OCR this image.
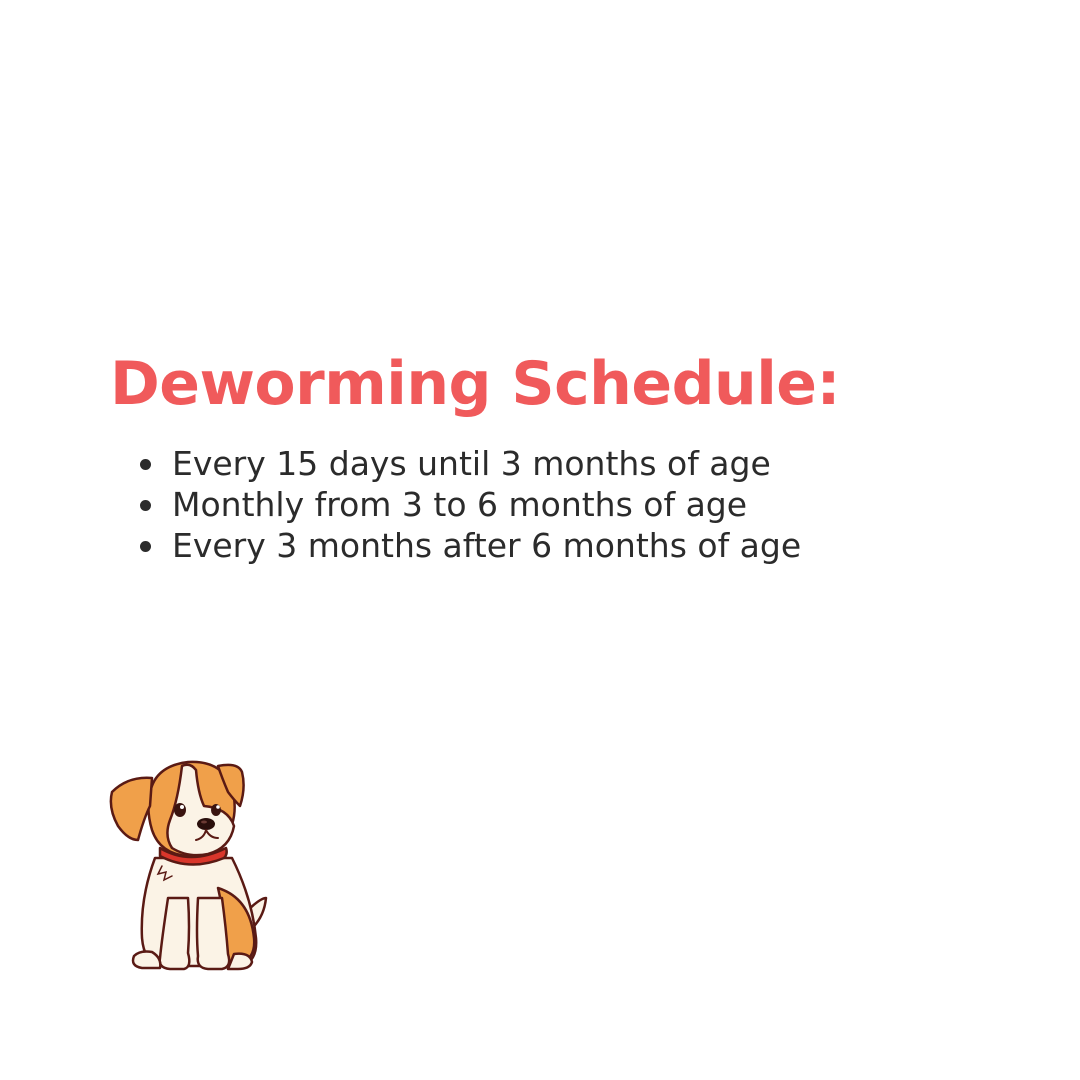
Deworming Schedule:
Every 15 days until 3 months of age
Monthly from 3 to 6 months of age
Every 3 months after 6 months of age
